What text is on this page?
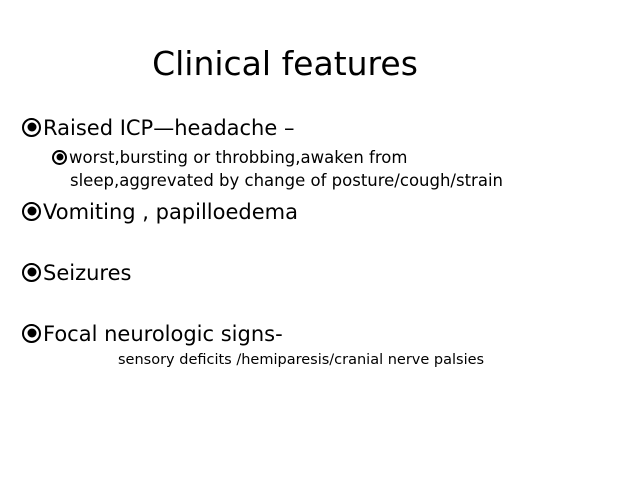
Clinical features
Raised ICP—headache –
worst,bursting or throbbing,awaken from
sleep,aggrevated by change of posture/cough/strain
Vomiting , papilloedema
Seizures
Focal neurologic signs-
sensory deficits /hemiparesis/cranial nerve palsies
